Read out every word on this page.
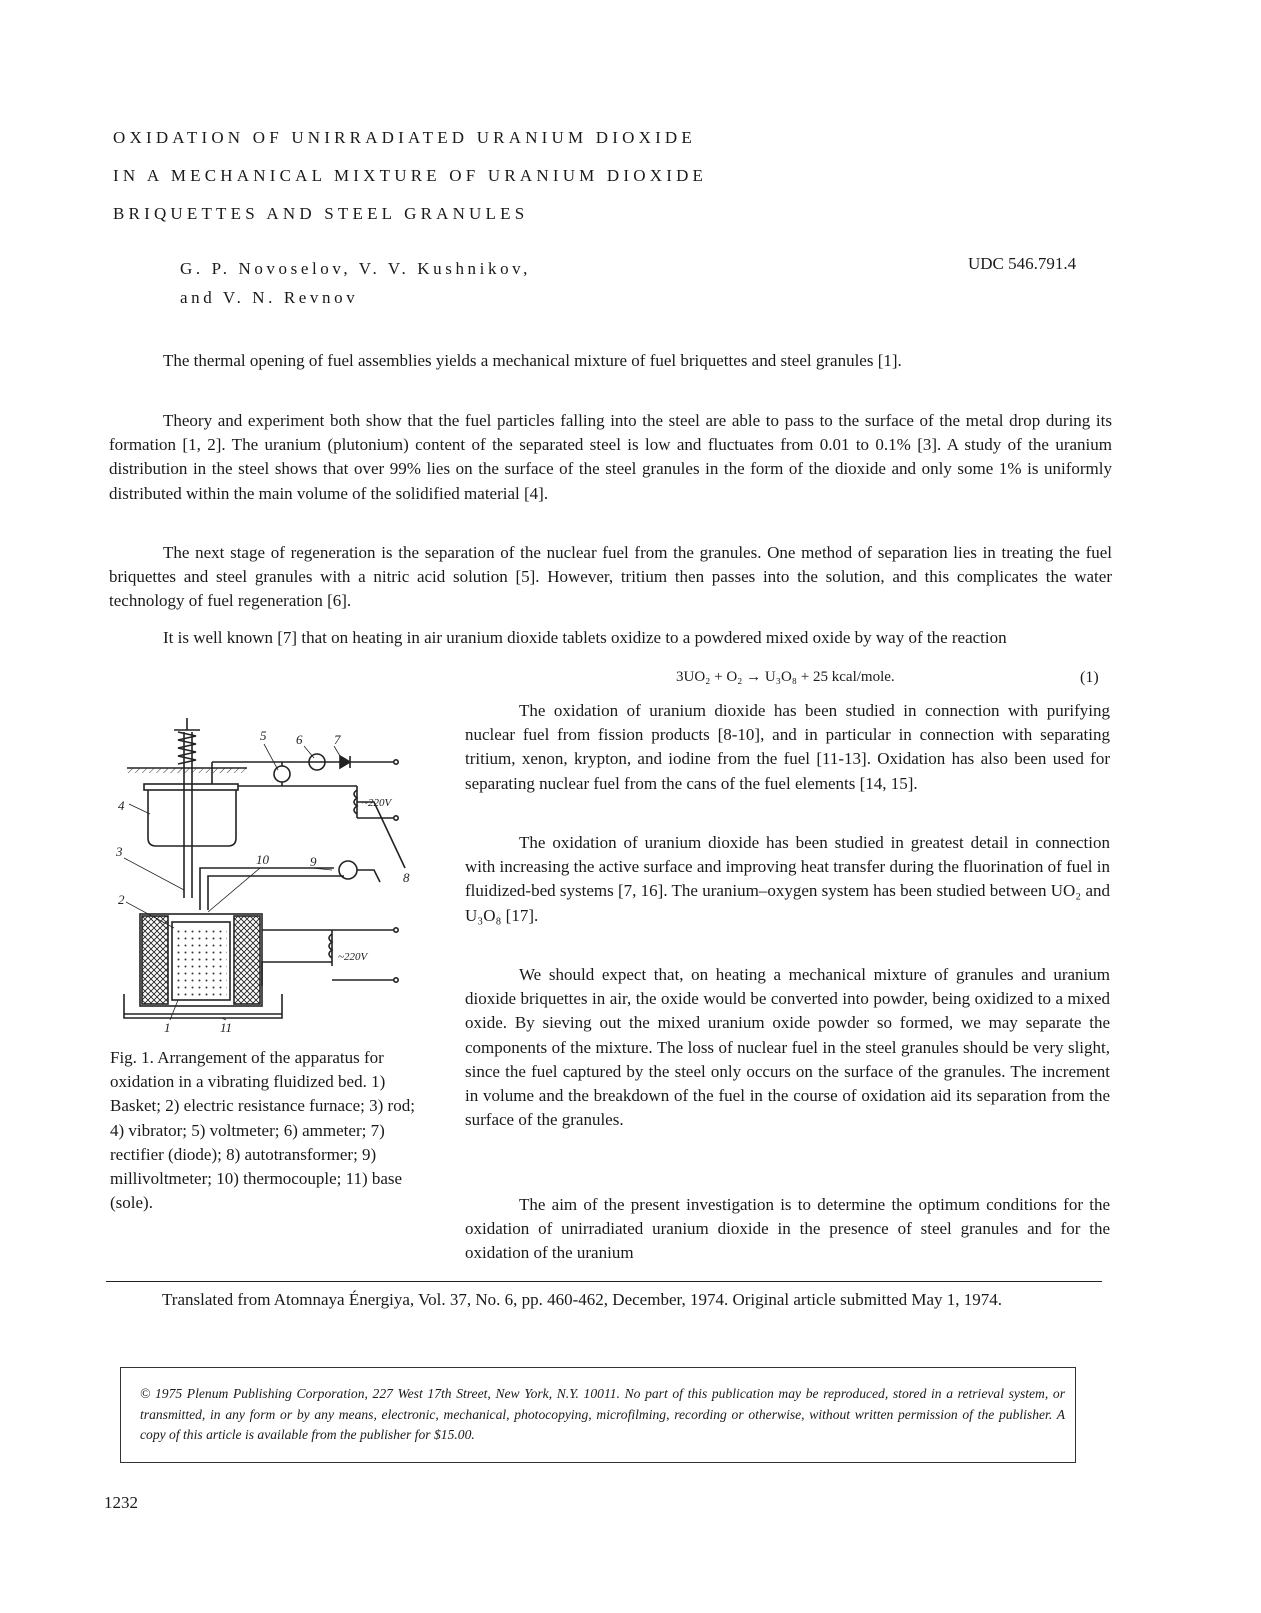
OXIDATION OF UNIRRADIATED URANIUM DIOXIDE
IN A MECHANICAL MIXTURE OF URANIUM DIOXIDE
BRIQUETTES AND STEEL GRANULES
G. P. Novoselov, V. V. Kushnikov,
and V. N. Revnov
UDC 546.791.4

The thermal opening of fuel assemblies yields a mechanical mixture of fuel briquettes and steel granules [1].

Theory and experiment both show that the fuel particles falling into the steel are able to pass to the surface of the metal drop during its formation [1, 2]. The uranium (plutonium) content of the separated steel is low and fluctuates from 0.01 to 0.1% [3]. A study of the uranium distribution in the steel shows that over 99% lies on the surface of the steel granules in the form of the dioxide and only some 1% is uniformly distributed within the main volume of the solidified material [4].

The next stage of regeneration is the separation of the nuclear fuel from the granules. One method of separation lies in treating the fuel briquettes and steel granules with a nitric acid solution [5]. However, tritium then passes into the solution, and this complicates the water technology of fuel regeneration [6].

It is well known [7] that on heating in air uranium dioxide tablets oxidize to a powdered mixed oxide by way of the reaction

3UO₂ + O₂ → U₃O₈ + 25 kcal/mole.	(1)

The oxidation of uranium dioxide has been studied in connection with purifying nuclear fuel from fission products [8-10], and in particular in connection with separating tritium, xenon, krypton, and iodine from the fuel [11-13]. Oxidation has also been used for separating nuclear fuel from the cans of the fuel elements [14, 15].

The oxidation of uranium dioxide has been studied in greatest detail in connection with increasing the active surface and improving heat transfer during the fluorination of fuel in fluidized-bed systems [7, 16]. The uranium–oxygen system has been studied between UO₂ and U₃O₈ [17].

We should expect that, on heating a mechanical mixture of granules and uranium dioxide briquettes in air, the oxide would be converted into powder, being oxidized to a mixed oxide. By sieving out the mixed uranium oxide powder so formed, we may separate the components of the mixture. The loss of nuclear fuel in the steel granules should be very slight, since the fuel captured by the steel only occurs on the surface of the granules. The increment in volume and the breakdown of the fuel in the course of oxidation aid its separation from the surface of the granules.

The aim of the present investigation is to determine the optimum conditions for the oxidation of unirradiated uranium dioxide in the presence of steel granules and for the oxidation of the uranium

5 6 7
4
3
2
10	9
8
1	11
~220V
~220V

Fig. 1. Arrangement of the apparatus for oxidation in a vibrating fluidized bed. 1) Basket; 2) electric resistance furnace; 3) rod; 4) vibrator; 5) voltmeter; 6) ammeter; 7) rectifier (diode); 8) autotransformer; 9) millivoltmeter; 10) thermocouple; 11) base (sole).

Translated from Atomnaya Énergiya, Vol. 37, No. 6, pp. 460-462, December, 1974. Original article submitted May 1, 1974.

© 1975 Plenum Publishing Corporation, 227 West 17th Street, New York, N.Y. 10011. No part of this publication may be reproduced, stored in a retrieval system, or transmitted, in any form or by any means, electronic, mechanical, photocopying, microfilming, recording or otherwise, without written permission of the publisher. A copy of this article is available from the publisher for $15.00.

1232
